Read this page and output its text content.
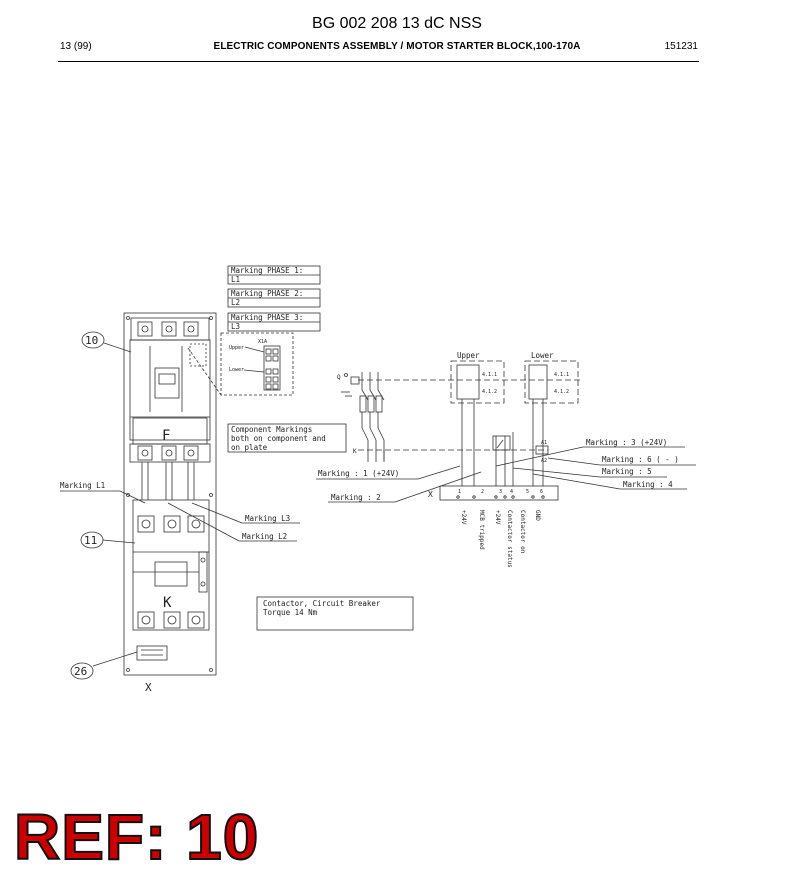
BG 002 208 13 dC NSS
13 (99)	ELECTRIC COMPONENTS ASSEMBLY / MOTOR STARTER BLOCK,100-170A	151231
Marking PHASE 1:
L1
Marking PHASE 2:
L2
Marking PHASE 3:
L3
F
K
X
10
11
26
Marking L1
Marking L3
Marking L2
X1A
Upper
Lower
Component Markings
both on component and
on plate
Q
K
Upper	Lower
4.1.1
4.1.2
4.1.1
4.1.2
A1
A2
X	1	2	3 4	5 6
+24V MCB tripped +24V Contactor status Contactor on GND
Marking : 1 (+24V)
Marking : 2
Marking : 3 (+24V)
Marking : 6 ( - )
Marking : 5
Marking : 4
Contactor, Circuit Breaker
Torque 14 Nm
REF: 10
